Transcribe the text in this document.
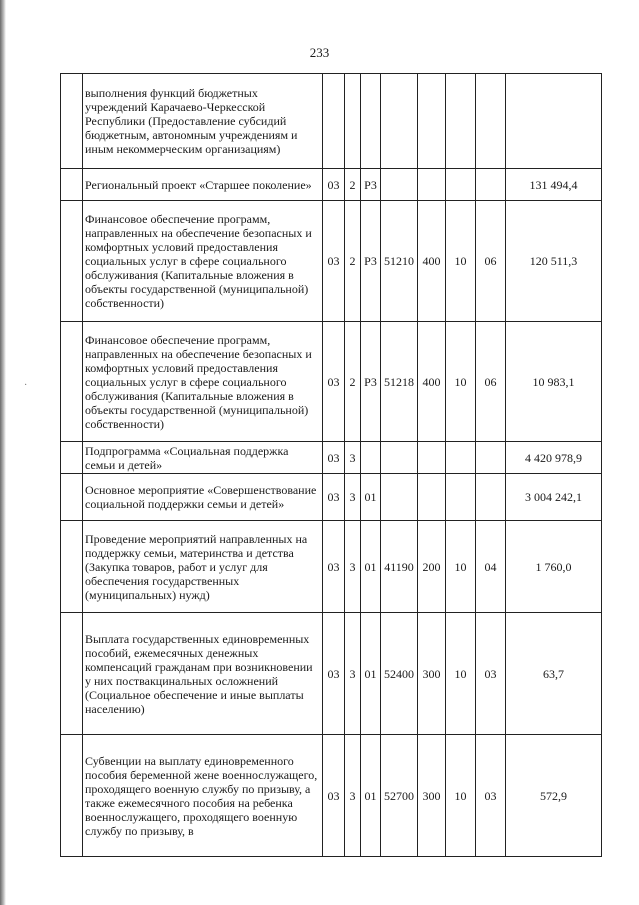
·
233
	выполнения функций бюджетных учреждений Карачаево-Черкесской Республики (Предоставление субсидий бюджетным, автономным учреждениям и иным некоммерческим организациям)								
	Региональный проект «Старшее поколение»	03	2	P3					131 494,4
	Финансовое обеспечение программ, направленных на обеспечение безопасных и комфортных условий предоставления социальных услуг в сфере социального обслуживания (Капитальные вложения в объекты государственной (муниципальной) собственности)	03	2	P3	51210	400	10	06	120 511,3
	Финансовое обеспечение программ, направленных на обеспечение безопасных и комфортных условий предоставления социальных услуг в сфере социального обслуживания (Капитальные вложения в объекты государственной (муниципальной) собственности)	03	2	P3	51218	400	10	06	10 983,1
	Подпрограмма «Социальная поддержка семьи и детей»	03	3						4 420 978,9
	Основное мероприятие «Совершенствование социальной поддержки семьи и детей»	03	3	01					3 004 242,1
	Проведение мероприятий направленных на поддержку семьи, материнства и детства (Закупка товаров, работ и услуг для обеспечения государственных (муниципальных) нужд)	03	3	01	41190	200	10	04	1 760,0
	Выплата государственных единовременных пособий, ежемесячных денежных компенсаций гражданам при возникновении у них поствакцинальных осложнений (Социальное обеспечение и иные выплаты населению)	03	3	01	52400	300	10	03	63,7
	Субвенции на выплату единовременного пособия беременной жене военнослужащего, проходящего военную службу по призыву, а также ежемесячного пособия на ребенка военнослужащего, проходящего военную службу по призыву, в	03	3	01	52700	300	10	03	572,9
